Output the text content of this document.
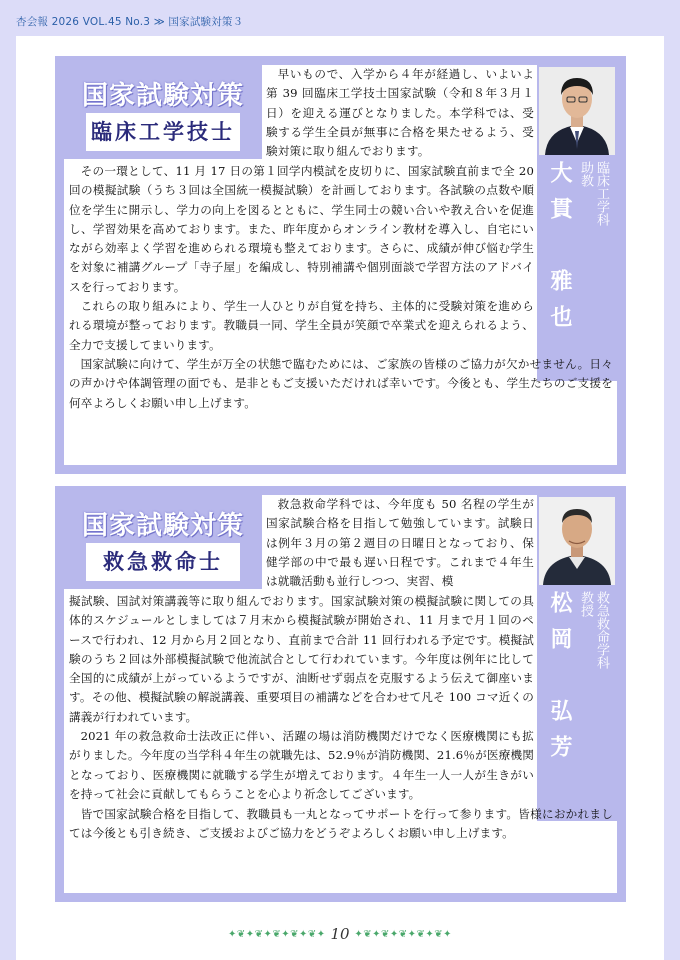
杏会報 2026 VOL.45 No.3 ≫ 国家試験対策３
国家試験対策
臨床工学技士
大貫　雅也 臨床工学科
助教

早いもので、入学から４年が経過し、いよいよ第 39 回臨床工学技士国家試験（令和８年３月１日）を迎える運びとなりました。本学科では、受験する学生全員が無事に合格を果たせるよう、受験対策に取り組んでおります。

その一環として、11 月 17 日の第１回学内模試を皮切りに、国家試験直前まで全 20 回の模擬試験（うち３回は全国統一模擬試験）を計画しております。各試験の点数や順位を学生に開示し、学力の向上を図るとともに、学生同士の競い合いや教え合いを促進し、学習効果を高めております。また、昨年度からオンライン教材を導入し、自宅にいながら効率よく学習を進められる環境も整えております。さらに、成績が伸び悩む学生を対象に補講グループ「寺子屋」を編成し、特別補講や個別面談で学習方法のアドバイスを行っております。

これらの取り組みにより、学生一人ひとりが自覚を持ち、主体的に受験対策を進められる環境が整っております。教職員一同、学生全員が笑顔で卒業式を迎えられるよう、全力で支援してまいります。

国家試験に向けて、学生が万全の状態で臨むためには、ご家族の皆様のご協力が欠かせません。日々の声かけや体調管理の面でも、是非ともご支援いただければ幸いです。今後とも、学生たちのご支援を何卒よろしくお願い申し上げます。

国家試験対策
救急救命士
松岡　弘芳 救急救命学科
教授

救急救命学科では、今年度も 50 名程の学生が国家試験合格を目指して勉強しています。試験日は例年３月の第２週目の日曜日となっており、保健学部の中で最も遅い日程です。これまで４年生は就職活動も並行しつつ、実習、模

擬試験、国試対策講義等に取り組んでおります。国家試験対策の模擬試験に関しての具体的スケジュールとしましては７月末から模擬試験が開始され、11 月まで月１回のペースで行われ、12 月から月２回となり、直前まで合計 11 回行われる予定です。模擬試験のうち２回は外部模擬試験で他流試合として行われています。今年度は例年に比して全国的に成績が上がっているようですが、油断せず弱点を克服するよう伝えて御座います。その他、模擬試験の解説講義、重要項目の補講などを合わせて凡そ 100 コマ近くの講義が行われています。

2021 年の救急救命士法改正に伴い、活躍の場は消防機関だけでなく医療機関にも拡がりました。今年度の当学科４年生の就職先は、52.9％が消防機関、21.6％が医療機関となっており、医療機関に就職する学生が増えております。４年生一人一人が生きがいを持って社会に貢献してもらうことを心より祈念してございます。

皆で国家試験合格を目指して、教職員も一丸となってサポートを行って参ります。皆様におかれましては今後とも引き続き、ご支援およびご協力をどうぞよろしくお願い申し上げます。

✦❦✦❦✦❦✦❦✦❦✦ 10 ✦❦✦❦✦❦✦❦✦❦✦
